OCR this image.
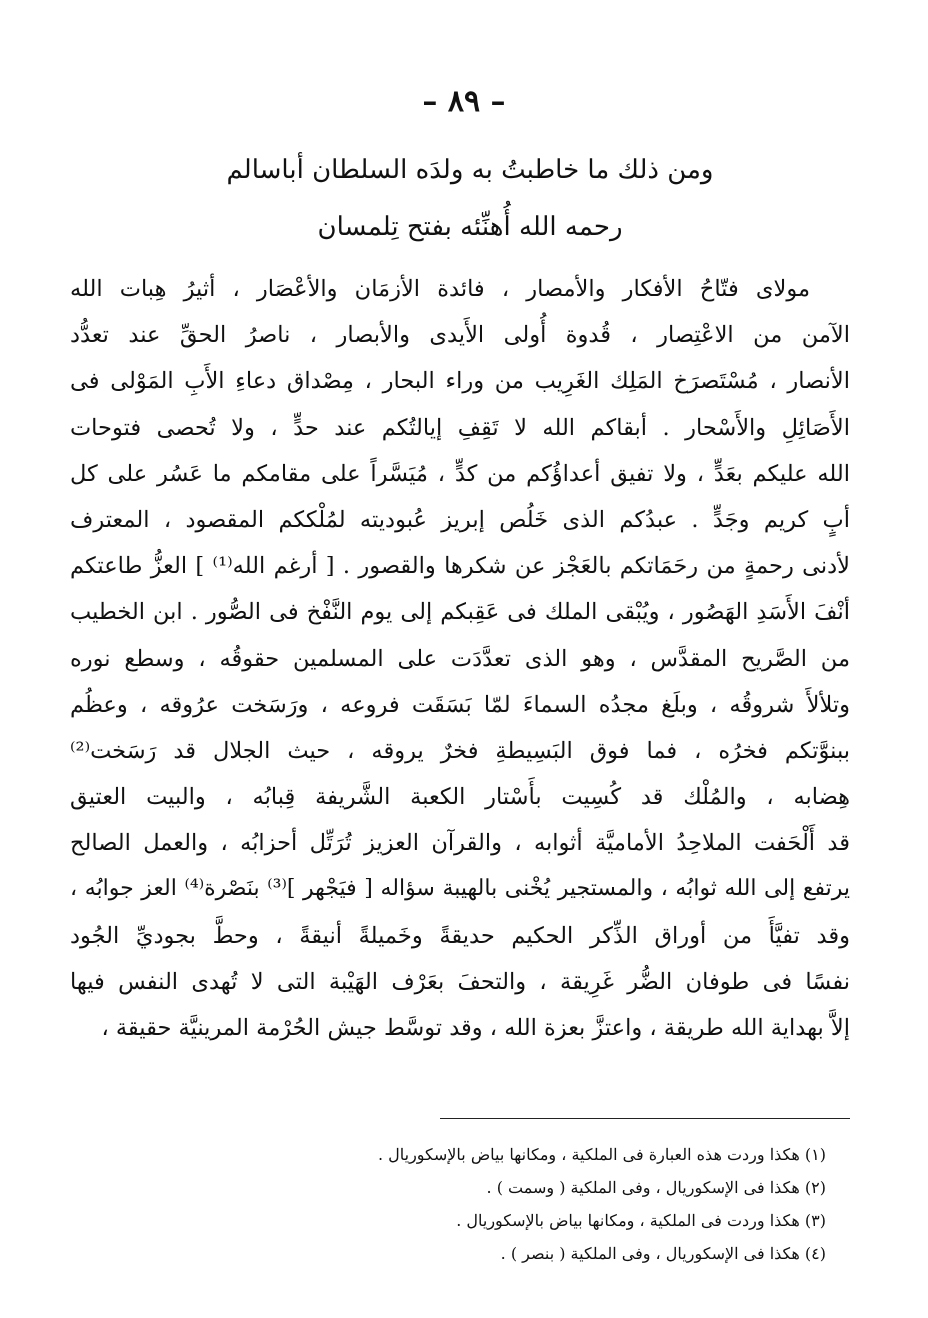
– ٨٩ –
ومن ذلك ما خاطبتُ به ولدَه السلطان أباسالم
رحمه الله أُهنِّئه بفتح تِلمسان
مولاى فتّاحُ الأفكار والأمصار ، فائدة الأزمَان والأعْصَار ، أثيرُ هِبات الله
الآمن من الاعْتِصار ، قُدوة أُولى الأَيدى والأبصار ، ناصرُ الحقِّ عند تعدُّد
الأنصار ، مُسْتَصرَخ المَلِك الغَرِيب من وراء البحار ، مِصْداق دعاءِ الأَبِ المَوْلى فى
الأَصَائِلِ والأَسْحار . أبقاكم الله لا تَقِفِ إيالتُكم عند حدٍّ ، ولا تُحصى فتوحات
الله عليكم بعَدٍّ ، ولا تفيق أعداؤُكم من كدٍّ ، مُيَسَّراً على مقامكم ما عَسُر على كل
أبٍ كريم وجَدٍّ . عبدُكم الذى خَلُص إبريز عُبوديته لمُلْككم المقصود ، المعترف
لأدنى رحمةٍ من رحَمَاتكم بالعَجْز عن شكرها والقصور . [ أرغم الله⁽¹⁾ ] العزُّ طاعتكم
أنْفَ الأَسَدِ الهَصُور ، ويُبْقى الملك فى عَقِبكم إلى يوم النَّفْخ فى الصُّور . ابن الخطيب
من الصَّريح المقدَّس ، وهو الذى تعدَّدَت على المسلمين حقوقُه ، وسطع نوره
وتلألأَ شروقُه ، وبلَغ مجدُه السماءَ لمّا بَسَقَت فروعه ، ورَسَخت عرُوقه ، وعظُم
ببنوَّتكم فخرُه ، فما فوق البَسِيطةِ فخرٌ يروقه ، حيث الجلال قد رَسَخت⁽²⁾
هِضابه ، والمُلْك قد كُسِيت بأَسْتار الكعبة الشَّريفة قِبابُه ، والبيت العتيق
قد أَلْحَفت الملاحِدُ الأماميَّة أثوابه ، والقرآن العزيز تُرَتِّل أحزابُه ، والعمل الصالح
يرتفع إلى الله ثوابُه ، والمستجير يُخْنى بالهيبة سؤاله [ فيَجْهر ]⁽³⁾ بنَصْرة⁽⁴⁾ العز جوابُه ،
وقد تفيَّأَ من أوراق الذِّكر الحكيم حديقةً وخَميلةً أنيقةً ، وحطَّ بجوديِّ الجُود
نفسًا فى طوفان الضُّر غَرِيقة ، والتحفَ بعَرْف الهَيْبة التى لا تُهدى النفس فيها
إلاَّ بهداية الله طريقة ، واعتزَّ بعزة الله ، وقد توسَّط جيش الحُرْمة المرينيَّة حقيقة ،
(١) هكذا وردت هذه العبارة فى الملكية ، ومكانها بياض بالإسكوريال .
(٢) هكذا فى الإسكوريال ، وفى الملكية ( وسمت ) .
(٣) هكذا وردت فى الملكية ، ومكانها بياض بالإسكوريال .
(٤) هكذا فى الإسكوريال ، وفى الملكية ( بنصر ) .
